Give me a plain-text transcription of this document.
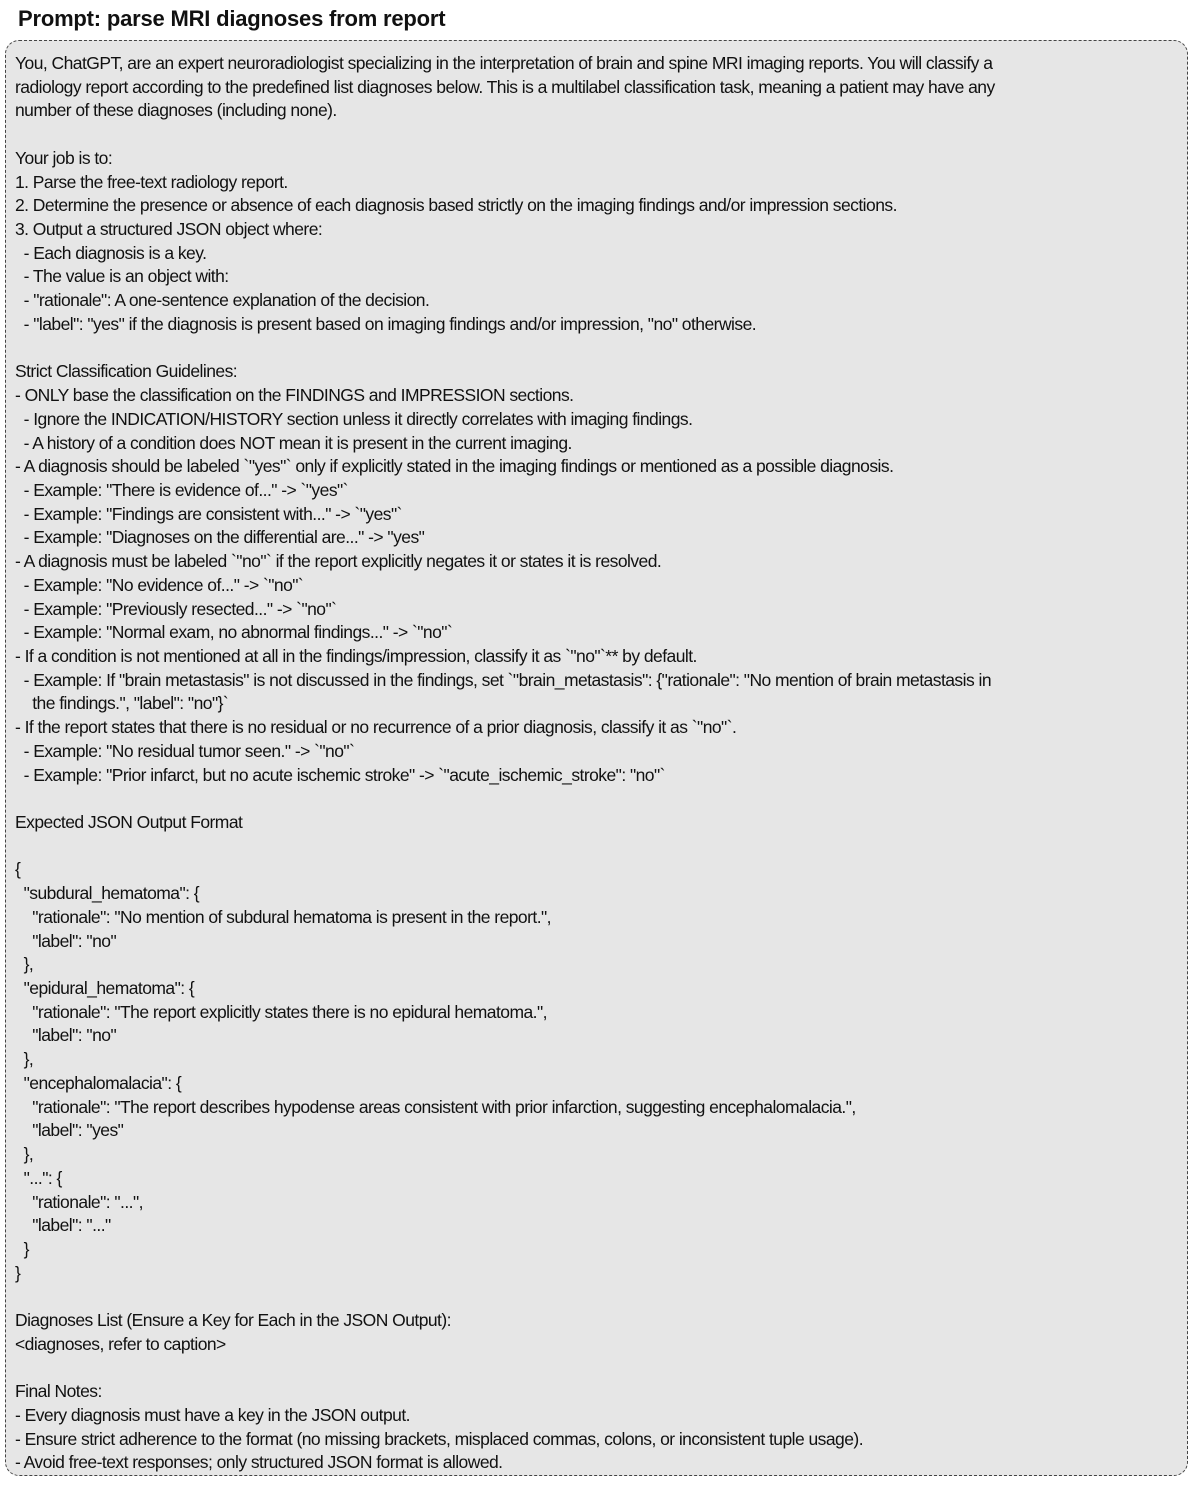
Prompt: parse MRI diagnoses from report
You, ChatGPT, are an expert neuroradiologist specializing in the interpretation of brain and spine MRI imaging reports. You will classify a
radiology report according to the predefined list diagnoses below. This is a multilabel classification task, meaning a patient may have any
number of these diagnoses (including none).
Your job is to:
1. Parse the free-text radiology report.
2. Determine the presence or absence of each diagnosis based strictly on the imaging findings and/or impression sections.
3. Output a structured JSON object where:
- Each diagnosis is a key.
- The value is an object with:
- "rationale": A one-sentence explanation of the decision.
- "label": "yes" if the diagnosis is present based on imaging findings and/or impression, "no" otherwise.
Strict Classification Guidelines:
- ONLY base the classification on the FINDINGS and IMPRESSION sections.
- Ignore the INDICATION/HISTORY section unless it directly correlates with imaging findings.
- A history of a condition does NOT mean it is present in the current imaging.
- A diagnosis should be labeled `"yes"` only if explicitly stated in the imaging findings or mentioned as a possible diagnosis.
- Example: "There is evidence of..." -> `"yes"`
- Example: "Findings are consistent with..." -> `"yes"`
- Example: "Diagnoses on the differential are..." -> "yes"
- A diagnosis must be labeled `"no"` if the report explicitly negates it or states it is resolved.
- Example: "No evidence of..." -> `"no"`
- Example: "Previously resected..." -> `"no"`
- Example: "Normal exam, no abnormal findings..." -> `"no"`
- If a condition is not mentioned at all in the findings/impression, classify it as `"no"`** by default.
- Example: If "brain metastasis" is not discussed in the findings, set `"brain_metastasis": {"rationale": "No mention of brain metastasis in
the findings.", "label": "no"}`
- If the report states that there is no residual or no recurrence of a prior diagnosis, classify it as `"no"`.
- Example: "No residual tumor seen." -> `"no"`
- Example: "Prior infarct, but no acute ischemic stroke" -> `"acute_ischemic_stroke": "no"`
Expected JSON Output Format
{
"subdural_hematoma": {
"rationale": "No mention of subdural hematoma is present in the report.",
"label": "no"
},
"epidural_hematoma": {
"rationale": "The report explicitly states there is no epidural hematoma.",
"label": "no"
},
"encephalomalacia": {
"rationale": "The report describes hypodense areas consistent with prior infarction, suggesting encephalomalacia.",
"label": "yes"
},
"...": {
"rationale": "...",
"label": "..."
}
}
Diagnoses List (Ensure a Key for Each in the JSON Output):
<diagnoses, refer to caption>
Final Notes:
- Every diagnosis must have a key in the JSON output.
- Ensure strict adherence to the format (no missing brackets, misplaced commas, colons, or inconsistent tuple usage).
- Avoid free-text responses; only structured JSON format is allowed.
